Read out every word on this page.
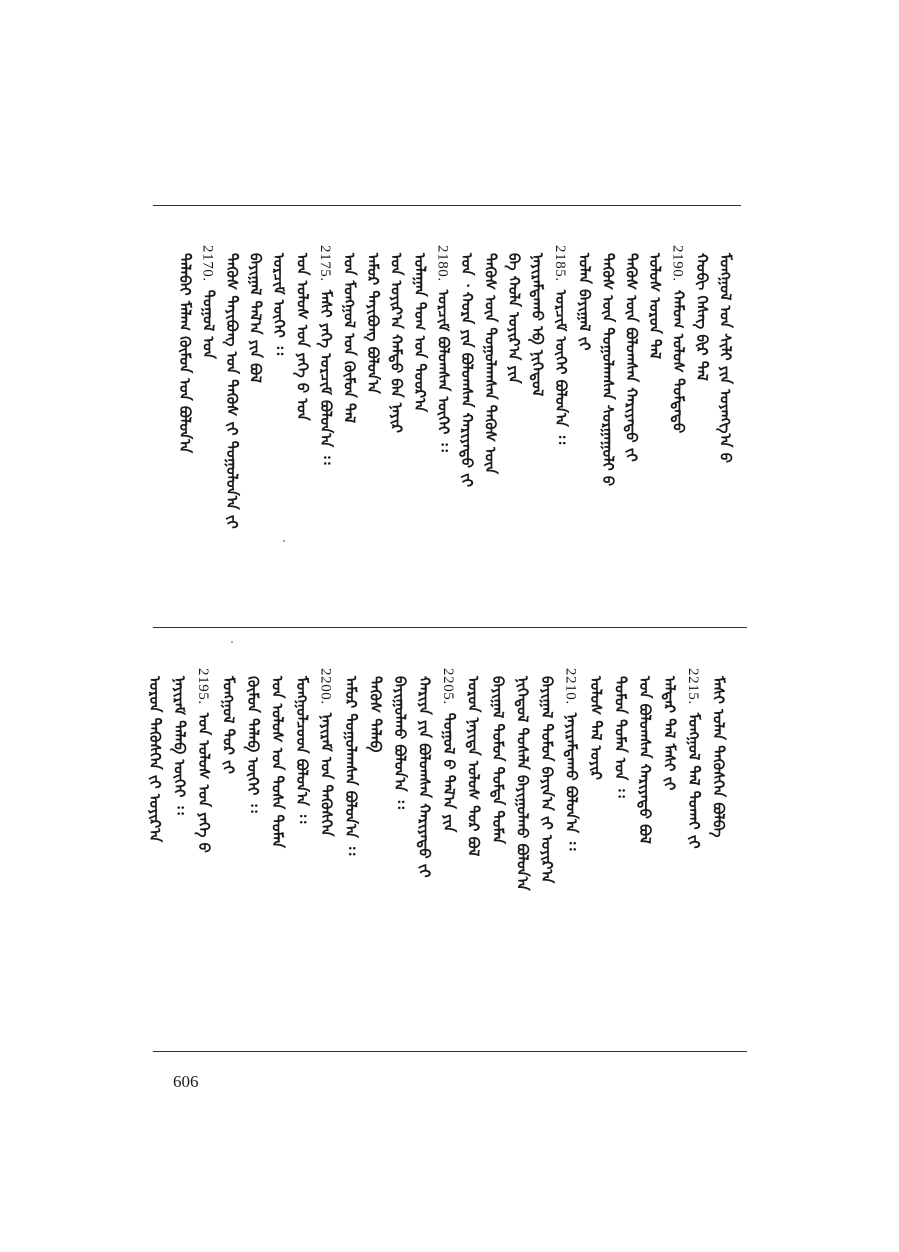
ᠮᠣᠩᠭᠣᠯ ᠤᠨ ᠰᠢᠯᠢ ᠶᠢᠨ ᠤᠶᠠᠩᠭ᠎ᠠ ᠪ
ᠬᠤᠪᠢ ᠬᠡᠰᠡᠭ ᠪᠢᠷ ᠲᠠᠯ
2190.ᠬᠠᠮᠤᠭ ᠤᠯᠤᠰ ᠳᠤᠮᠳᠠᠳᠤ
ᠤᠯᠤᠰ ᠣᠷᠣᠨ ᠲᠠᠯ
ᠲᠡᠭᠦᠰ ᠦᠨ ᠪᠣᠯᠤᠭᠰᠠᠨ ᠬᠠᠷᠢᠶᠠᠲᠤ ᠶ᠋ᠢ
ᠲᠡᠭᠦᠰ ᠦᠨ ᠲᠤᠭᠤᠯᠠᠭᠰᠠᠨ ᠰᠤᠷᠭᠠᠭᠤᠯᠢ ᠪ
ᠤᠯᠠᠨ ᠪᠠᠶᠢᠭᠠᠯ ᠶ᠋ᠢ
2185.ᠣᠷᠴᠢᠮ ᠦᠭᠡᠢ ᠪᠣᠯᠣᠨ᠎ᠠ ᠄᠄
ᠨᠠᠶᠢᠷᠠᠮᠳᠠᠬᠤ ᠡᠪ ᠨᠢᠭᠡᠳᠦᠯ
ᠪᠠ ᠬᠣᠯᠠ ᠣᠶᠢᠷ᠎ᠠ ᠶᠢᠨ
ᠲᠡᠭᠦᠰ ᠦᠨ ᠲᠤᠭᠤᠯᠠᠭᠰᠠᠨ ᠲᠡᠭᠦᠰ ᠦᠨ
ᠤᠨ ᠂ ᠬᠤᠷᠠ ᠶᠢᠨ ᠪᠣᠯᠤᠭᠰᠠᠨ ᠬᠠᠷᠢᠶᠠᠲᠤ ᠶ᠋ᠢ
2180.ᠣᠷᠴᠢᠮ ᠪᠣᠯᠣᠭᠰᠠᠨ ᠦᠭᠡᠢ ᠄᠄
ᠤᠯᠠᠭᠠᠨ ᠲᠤᠭ ᠤᠨ ᠳᠣᠣᠷ᠎ᠠ
ᠤᠨ ᠣᠶᠢᠷ᠎ᠠ ᠬᠠᠮᠲᠤ ᠪᠠᠨ ᠨᠠᠶᠢᠷ
ᠠᠮᠤᠷ ᠲᠠᠶᠢᠪᠤᠩ ᠪᠣᠯᠤᠨ᠎ᠠ
ᠤᠨ ᠮᠣᠩᠭᠣᠯ ᠤᠨ ᠬᠦᠮᠦᠨ ᠲᠠᠯ
2175.ᠮᠠᠰᠢ ᠶᠡᠬᠡ ᠣᠷᠴᠢᠮ ᠪᠣᠯᠣᠨ᠎ᠠ ᠄᠄
ᠤᠨ ᠤᠯᠤᠰ ᠤᠨ ᠶᠡᠬᠡ ᠪ ᠤᠨ
ᠣᠷᠴᠢᠮ ᠦᠭᠡᠢ ᠄᠄
ᠪᠠᠶᠢᠭᠠᠯ ᠲᠠᠯ᠎ᠠ ᠶᠢᠨ ᠪᠣᠯ
ᠲᠡᠭᠦᠰ ᠲᠠᠶᠢᠪᠤᠩ ᠤᠨ ᠲᠡᠭᠦᠰ ᠶ᠋ᠢ ᠲᠤᠭᠤᠯᠤᠨ᠎ᠠ ᠶ᠋ᠢ
2170.ᠲᠤᠭᠤᠯ ᠤᠨ
ᠲᠠᠯᠠᠪᠠᠢ ᠮᠠᠯᠠᠭ ᠬᠦᠮᠦᠨ ᠤᠨ ᠪᠣᠯᠣᠨ᠎ᠠ
ᠮᠠᠰᠢ ᠤᠯᠠᠨ ᠲᠡᠭᠦᠰᠭᠡᠨ ᠪᠣᠯᠪᠠ
2215.ᠮᠣᠩᠭᠣᠯ ᠲᠠᠯ ᠲᠤᠬᠠᠢ ᠶ᠋ᠢ
ᠠᠯᠳᠠᠷ ᠲᠠᠯ ᠮᠠᠰᠢ ᠶ᠋ᠢ
ᠤᠨ ᠪᠣᠯᠤᠭᠰᠠᠨ ᠬᠠᠷᠢᠶᠠᠲᠤ ᠪᠣᠯ
ᠲᠤᠮᠤᠨ ᠲᠤᠮᠡᠨ ᠤᠨ ᠄᠄
ᠤᠯᠤᠰ ᠲᠠᠯ ᠤᠶᠢᠷ
2210.ᠨᠠᠶᠢᠷᠠᠮᠳᠠᠬᠤ ᠪᠣᠯᠣᠨ᠎ᠠ ᠄᠄
ᠪᠠᠶᠢᠭᠠᠯ ᠲᠤᠮᠤᠨ ᠪᠠᠶᠢᠨ᠎ᠠ ᠶ᠋ᠢ ᠣᠶᠢᠷ᠎ᠠ
ᠨᠢᠭᠡᠳᠦᠯ ᠲᠤᠰᠠᠯᠠ ᠪᠠᠶᠢᠭᠤᠯᠬᠤ ᠪᠣᠯᠣᠨ᠎ᠠ
ᠪᠠᠶᠢᠭᠠᠯ ᠲᠤᠮᠤᠨ ᠳᠤᠮᠳᠠ ᠲᠤᠮᠡᠨ
ᠣᠷᠣᠨ ᠨᠡᠶᠢᠲᠡ ᠤᠯᠤᠰ ᠲᠤᠷ ᠪᠣᠯ
2205.ᠲᠤᠭᠤᠯ ᠪ ᠲᠠᠯ᠎ᠠ ᠶᠢᠨ
ᠬᠠᠷᠢᠶᠠ ᠶᠢᠨ ᠪᠣᠯᠤᠭᠰᠠᠨ ᠬᠠᠷᠢᠶᠠᠲᠤ ᠶ᠋ᠢ
ᠪᠠᠶᠢᠭᠤᠯᠬᠤ ᠪᠣᠯᠣᠨ᠎ᠠ ᠄᠄
ᠲᠡᠭᠦᠰ ᠲᠠᠯᠠᠪ
ᠠᠮᠤᠷ ᠲᠤᠭᠤᠯᠠᠭᠰᠠᠨ ᠪᠣᠯᠣᠨ᠎ᠠ ᠄᠄
2200.ᠨᠠᠶᠢᠷᠠᠮ ᠤᠨ ᠲᠡᠭᠦᠰᠬᠡᠨ
ᠮᠣᠩᠭᠣᠯᠴᠤᠳ ᠪᠣᠯᠣᠨ᠎ᠠ ᠄᠄
ᠤᠨ ᠤᠯᠤᠰ ᠤᠨ ᠲᠤᠰᠠ ᠲᠤᠮᠡᠨ
ᠬᠦᠮᠦᠨ ᠲᠠᠯᠠᠪ ᠦᠭᠡᠢ ᠄᠄
ᠮᠣᠩᠭᠣᠯ ᠲᠤᠷ ᠶ᠋ᠢ
2195.ᠤᠨ ᠤᠯᠤᠰ ᠤᠨ ᠶᠡᠬᠡ ᠪ
ᠨᠠᠶᠢᠷᠠᠮ ᠲᠠᠯᠠᠪ ᠦᠭᠡᠢ ᠄᠄
ᠣᠷᠣᠨ ᠲᠡᠭᠦᠰᠬᠡᠨ ᠶ᠋ᠢ ᠣᠶᠢᠷ᠎ᠠ
606
